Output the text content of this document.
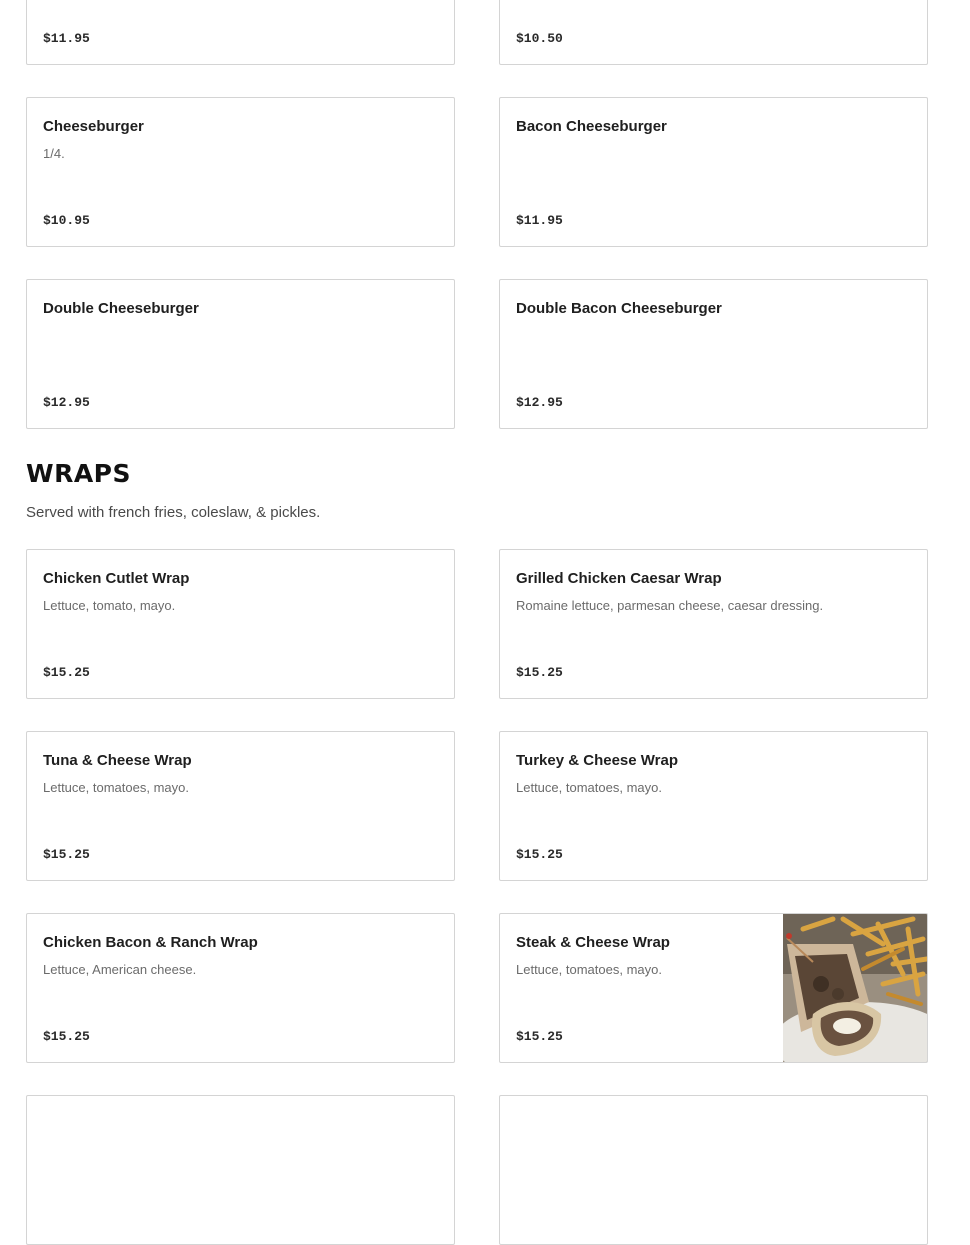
$11.95	$10.50
Cheeseburger
1/4.
$10.95
Bacon Cheeseburger
$11.95
Double Cheeseburger
$12.95
Double Bacon Cheeseburger
$12.95
WRAPS
Served with french fries, coleslaw, & pickles.
Chicken Cutlet Wrap
Lettuce, tomato, mayo.
$15.25
Grilled Chicken Caesar Wrap
Romaine lettuce, parmesan cheese, caesar dressing.
$15.25
Tuna & Cheese Wrap
Lettuce, tomatoes, mayo.
$15.25
Turkey & Cheese Wrap
Lettuce, tomatoes, mayo.
$15.25
Chicken Bacon & Ranch Wrap
Lettuce, American cheese.
$15.25
Steak & Cheese Wrap
Lettuce, tomatoes, mayo.
$15.25
